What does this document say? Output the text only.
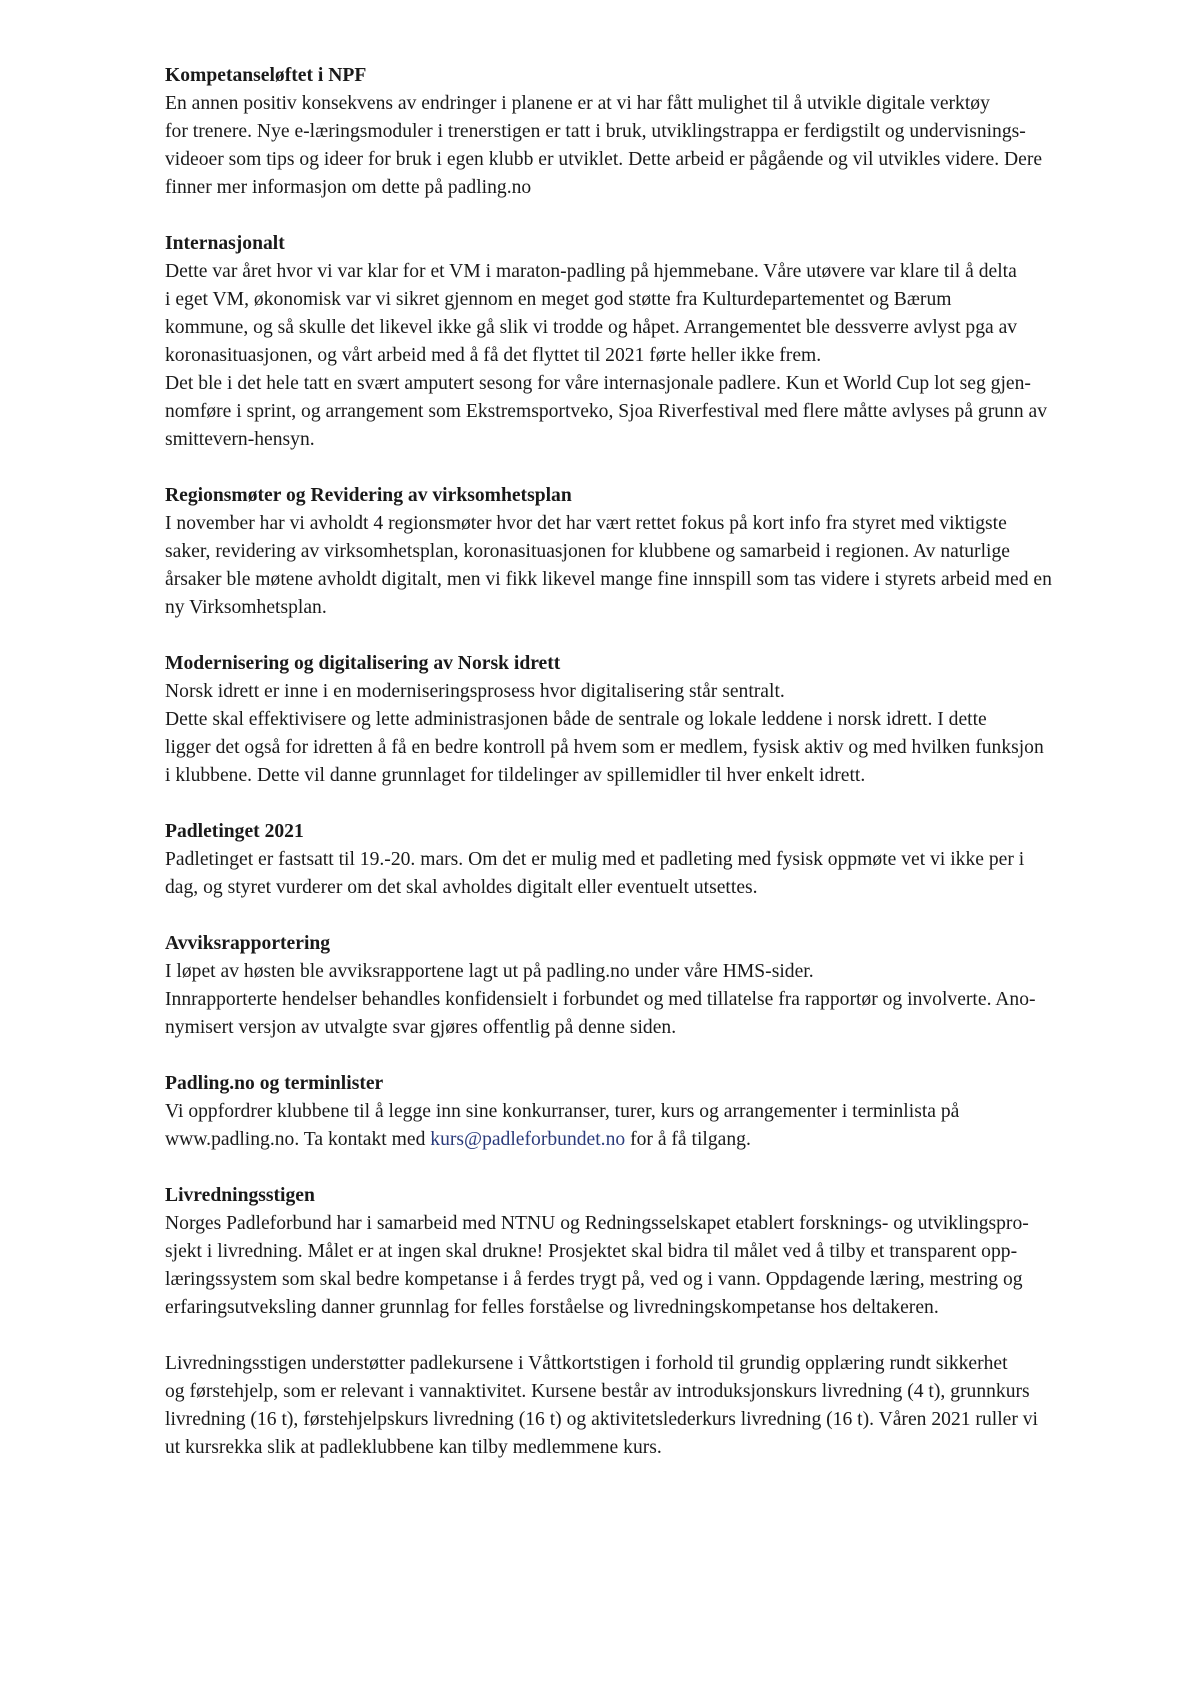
Kompetanseløftet i NPF

En annen positiv konsekvens av endringer i planene er at vi har fått mulighet til å utvikle digitale verktøy

for trenere. Nye e-læringsmoduler i trenerstigen er tatt i bruk, utviklingstrappa er ferdigstilt og undervisnings-

videoer som tips og ideer for bruk i egen klubb er utviklet. Dette arbeid er pågående og vil utvikles videre. Dere

finner mer informasjon om dette på padling.no

Internasjonalt

Dette var året hvor vi var klar for et VM i maraton-padling på hjemmebane. Våre utøvere var klare til å delta

i eget VM, økonomisk var vi sikret gjennom en meget god støtte fra Kulturdepartementet og Bærum

kommune, og så skulle det likevel ikke gå slik vi trodde og håpet. Arrangementet ble dessverre avlyst pga av

koronasituasjonen, og vårt arbeid med å få det flyttet til 2021 førte heller ikke frem.

Det ble i det hele tatt en svært amputert sesong for våre internasjonale padlere. Kun et World Cup lot seg gjen-

nomføre i sprint, og arrangement som Ekstremsportveko, Sjoa Riverfestival med flere måtte avlyses på grunn av

smittevern-hensyn.

Regionsmøter og Revidering av virksomhetsplan

I november har vi avholdt 4 regionsmøter hvor det har vært rettet fokus på kort info fra styret med viktigste

saker, revidering av virksomhetsplan, koronasituasjonen for klubbene og samarbeid i regionen. Av naturlige

årsaker ble møtene avholdt digitalt, men vi fikk likevel mange fine innspill som tas videre i styrets arbeid med en

ny Virksomhetsplan.

Modernisering og digitalisering av Norsk idrett

Norsk idrett er inne i en moderniseringsprosess hvor digitalisering står sentralt.

Dette skal effektivisere og lette administrasjonen både de sentrale og lokale leddene i norsk idrett. I dette

ligger det også for idretten å få en bedre kontroll på hvem som er medlem, fysisk aktiv og med hvilken funksjon

i klubbene. Dette vil danne grunnlaget for tildelinger av spillemidler til hver enkelt idrett.

Padletinget 2021

Padletinget er fastsatt til 19.-20. mars. Om det er mulig med et padleting med fysisk oppmøte vet vi ikke per i

dag, og styret vurderer om det skal avholdes digitalt eller eventuelt utsettes.

Avviksrapportering

I løpet av høsten ble avviksrapportene lagt ut på padling.no under våre HMS-sider.

Innrapporterte hendelser behandles konfidensielt i forbundet og med tillatelse fra rapportør og involverte. Ano-

nymisert versjon av utvalgte svar gjøres offentlig på denne siden.

Padling.no og terminlister

Vi oppfordrer klubbene til å legge inn sine konkurranser, turer, kurs og arrangementer i terminlista på

www.padling.no. Ta kontakt med kurs@padleforbundet.no for å få tilgang.

Livredningsstigen

Norges Padleforbund har i samarbeid med NTNU og Redningsselskapet etablert forsknings- og utviklingspro-

sjekt i livredning. Målet er at ingen skal drukne! Prosjektet skal bidra til målet ved å tilby et transparent opp-

læringssystem som skal bedre kompetanse i å ferdes trygt på, ved og i vann. Oppdagende læring, mestring og

erfaringsutveksling danner grunnlag for felles forståelse og livredningskompetanse hos deltakeren.

Livredningsstigen understøtter padlekursene i Våttkortstigen i forhold til grundig opplæring rundt sikkerhet

og førstehjelp, som er relevant i vannaktivitet. Kursene består av introduksjonskurs livredning (4 t), grunnkurs

livredning (16 t), førstehjelpskurs livredning (16 t) og aktivitetslederkurs livredning (16 t). Våren 2021 ruller vi

ut kursrekka slik at padleklubbene kan tilby medlemmene kurs.
